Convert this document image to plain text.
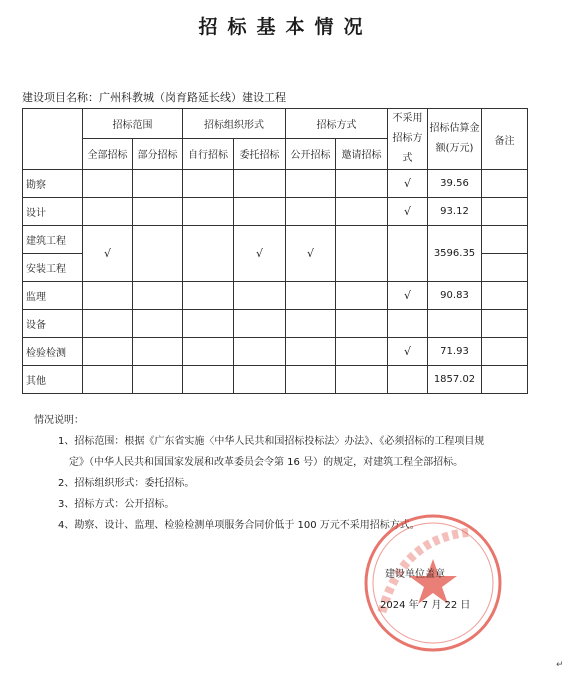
招标基本情况
建设项目名称：广州科教城（岗育路延长线）建设工程
	招标范围		招标组织形式		招标方式		不采用招标方式	招标估算金额(万元)	备注
	全部招标	部分招标	自行招标	委托招标	公开招标	邀请招标			
勘察							√	39.56	
设计							√	93.12	
建筑工程	√			√	√			3596.35	
安装工程									
监理							√	90.83	
设备									
检验检测							√	71.93	
其他								1857.02	
情况说明：
1、招标范围：根据《广东省实施〈中华人民共和国招标投标法〉办法》、《必须招标的工程项目规
定》（中华人民共和国国家发展和改革委员会令第 16 号）的规定，对建筑工程全部招标。
2、招标组织形式：委托招标。
3、招标方式：公开招标。
4、勘察、设计、监理、检验检测单项服务合同价低于 100 万元不采用招标方式。
建设单位盖章
2024 年 7 月 22 日
↵
